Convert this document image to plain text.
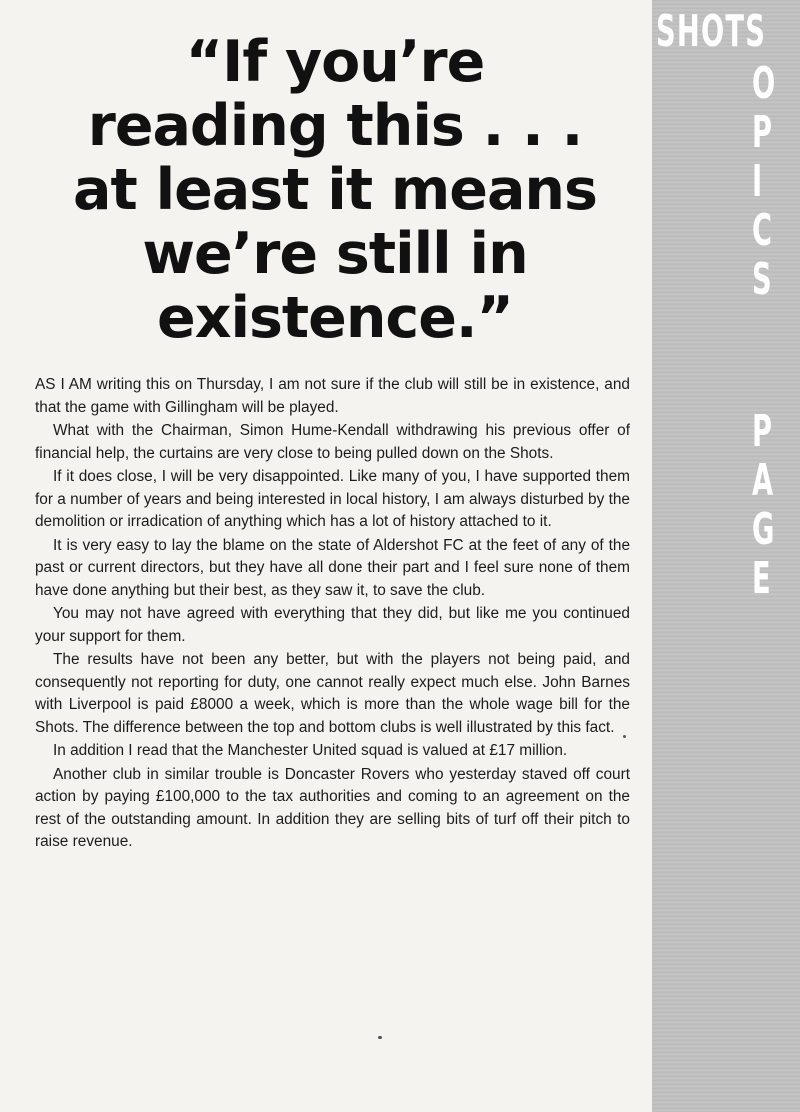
“If you’re
reading this . . .
at least it means
we’re still in
existence.”

AS I AM writing this on Thursday, I am not sure if the club will still be in existence, and that the game with Gillingham will be played.

What with the Chairman, Simon Hume-Kendall withdrawing his previous offer of financial help, the curtains are very close to being pulled down on the Shots.

If it does close, I will be very disappointed. Like many of you, I have supported them for a number of years and being interested in local history, I am always disturbed by the demolition or irradication of anything which has a lot of history attached to it.

It is very easy to lay the blame on the state of Aldershot FC at the feet of any of the past or current directors, but they have all done their part and I feel sure none of them have done anything but their best, as they saw it, to save the club.

You may not have agreed with everything that they did, but like me you continued your support for them.

The results have not been any better, but with the players not being paid, and consequently not reporting for duty, one cannot really expect much else. John Barnes with Liverpool is paid £8000 a week, which is more than the whole wage bill for the Shots. The difference between the top and bottom clubs is well illustrated by this fact.

In addition I read that the Manchester United squad is valued at £17 million.

Another club in similar trouble is Doncaster Rovers who yesterday staved off court action by paying £100,000 to the tax authorities and coming to an agreement on the rest of the outstanding amount. In addition they are selling bits of turf off their pitch to raise revenue.

SHOTS
O
P
I
C
S
P
A
G
E
